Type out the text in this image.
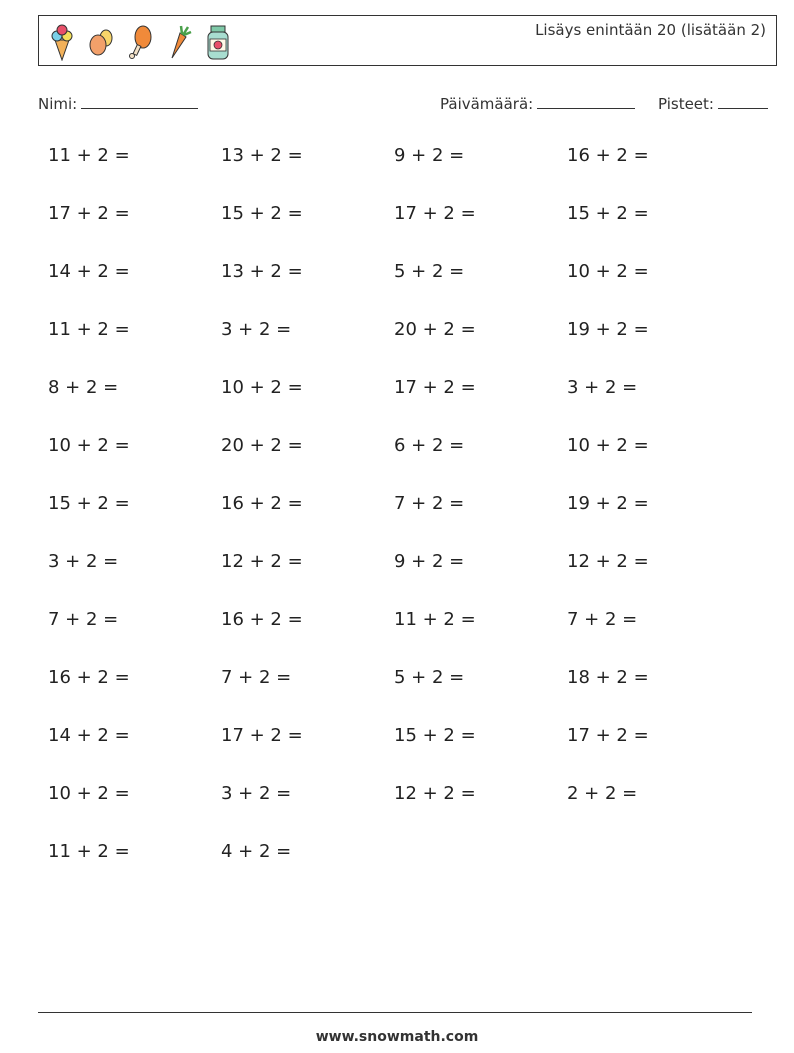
Lisäys enintään 20 (lisätään 2)
Nimi:	Päivämäärä:	Pisteet:
11 + 2 =	13 + 2 =	9 + 2 =	16 + 2 =
17 + 2 =	15 + 2 =	17 + 2 =	15 + 2 =
14 + 2 =	13 + 2 =	5 + 2 =	10 + 2 =
11 + 2 =	3 + 2 =	20 + 2 =	19 + 2 =
8 + 2 =	10 + 2 =	17 + 2 =	3 + 2 =
10 + 2 =	20 + 2 =	6 + 2 =	10 + 2 =
15 + 2 =	16 + 2 =	7 + 2 =	19 + 2 =
3 + 2 =	12 + 2 =	9 + 2 =	12 + 2 =
7 + 2 =	16 + 2 =	11 + 2 =	7 + 2 =
16 + 2 =	7 + 2 =	5 + 2 =	18 + 2 =
14 + 2 =	17 + 2 =	15 + 2 =	17 + 2 =
10 + 2 =	3 + 2 =	12 + 2 =	2 + 2 =
11 + 2 =	4 + 2 =
www.snowmath.com
